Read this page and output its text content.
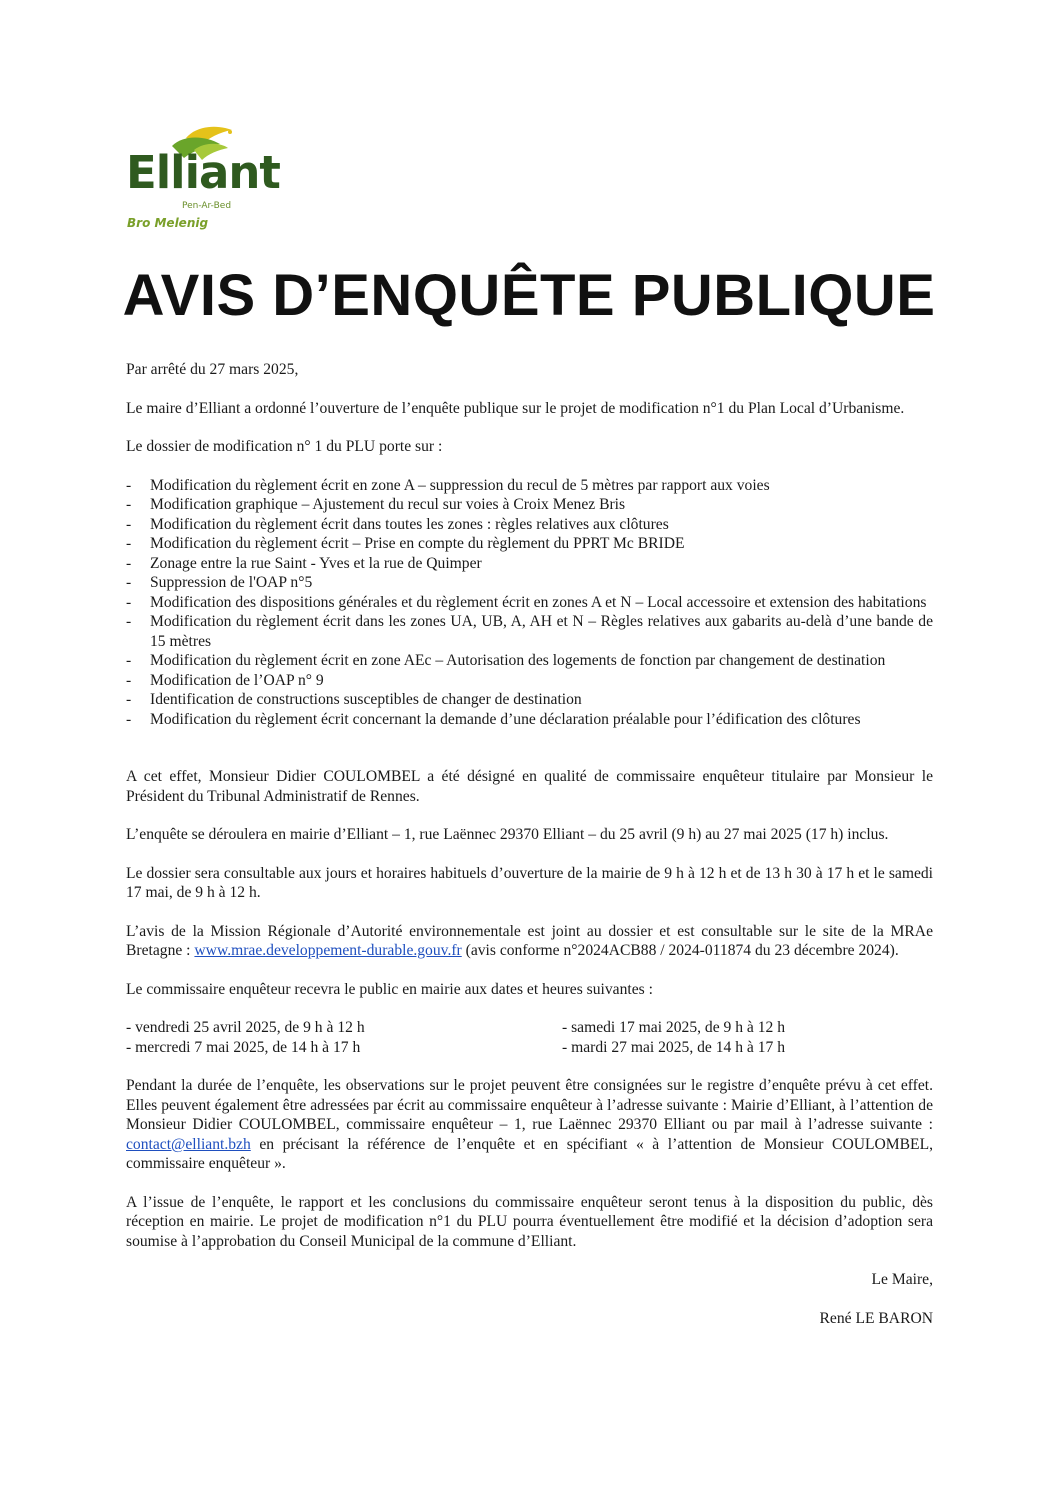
Elliant
Pen-Ar-Bed
Bro Melenig
AVIS D’ENQUÊTE PUBLIQUE

Par arrêté du 27 mars 2025,

Le maire d’Elliant a ordonné l’ouverture de l’enquête publique sur le projet de modification n°1 du Plan Local d’Urbanisme.

Le dossier de modification n° 1 du PLU porte sur :

- Modification du règlement écrit en zone A – suppression du recul de 5 mètres par rapport aux voies
- Modification graphique – Ajustement du recul sur voies à Croix Menez Bris
- Modification du règlement écrit dans toutes les zones : règles relatives aux clôtures
- Modification du règlement écrit – Prise en compte du règlement du PPRT Mc BRIDE
- Zonage entre la rue Saint - Yves et la rue de Quimper
- Suppression de l'OAP n°5
- Modification des dispositions générales et du règlement écrit en zones A et N – Local accessoire et extension des habitations
- Modification du règlement écrit dans les zones UA, UB, A, AH et N – Règles relatives aux gabarits au-delà d’une bande de 15 mètres
- Modification du règlement écrit en zone AEc – Autorisation des logements de fonction par changement de destination
- Modification de l’OAP n° 9
- Identification de constructions susceptibles de changer de destination
- Modification du règlement écrit concernant la demande d’une déclaration préalable pour l’édification des clôtures

A cet effet, Monsieur Didier COULOMBEL a été désigné en qualité de commissaire enquêteur titulaire par Monsieur le Président du Tribunal Administratif de Rennes.

L’enquête se déroulera en mairie d’Elliant – 1, rue Laënnec 29370 Elliant – du 25 avril (9 h) au 27 mai 2025 (17 h) inclus.

Le dossier sera consultable aux jours et horaires habituels d’ouverture de la mairie de 9 h à 12 h et de 13 h 30 à 17 h et le samedi 17 mai, de 9 h à 12 h.

L’avis de la Mission Régionale d’Autorité environnementale est joint au dossier et est consultable sur le site de la MRAe Bretagne : www.mrae.developpement-durable.gouv.fr (avis conforme n°2024ACB88 / 2024-011874 du 23 décembre 2024).

Le commissaire enquêteur recevra le public en mairie aux dates et heures suivantes :

- vendredi 25 avril 2025, de 9 h à 12 h	- samedi 17 mai 2025, de 9 h à 12 h
- mercredi 7 mai 2025, de 14 h à 17 h	- mardi 27 mai 2025, de 14 h à 17 h

Pendant la durée de l’enquête, les observations sur le projet peuvent être consignées sur le registre d’enquête prévu à cet effet. Elles peuvent également être adressées par écrit au commissaire enquêteur à l’adresse suivante : Mairie d’Elliant, à l’attention de Monsieur Didier COULOMBEL, commissaire enquêteur – 1, rue Laënnec 29370 Elliant ou par mail à l’adresse suivante : contact@elliant.bzh en précisant la référence de l’enquête et en spécifiant « à l’attention de Monsieur COULOMBEL, commissaire enquêteur ».

A l’issue de l’enquête, le rapport et les conclusions du commissaire enquêteur seront tenus à la disposition du public, dès réception en mairie. Le projet de modification n°1 du PLU pourra éventuellement être modifié et la décision d’adoption sera soumise à l’approbation du Conseil Municipal de la commune d’Elliant.

Le Maire,

René LE BARON
